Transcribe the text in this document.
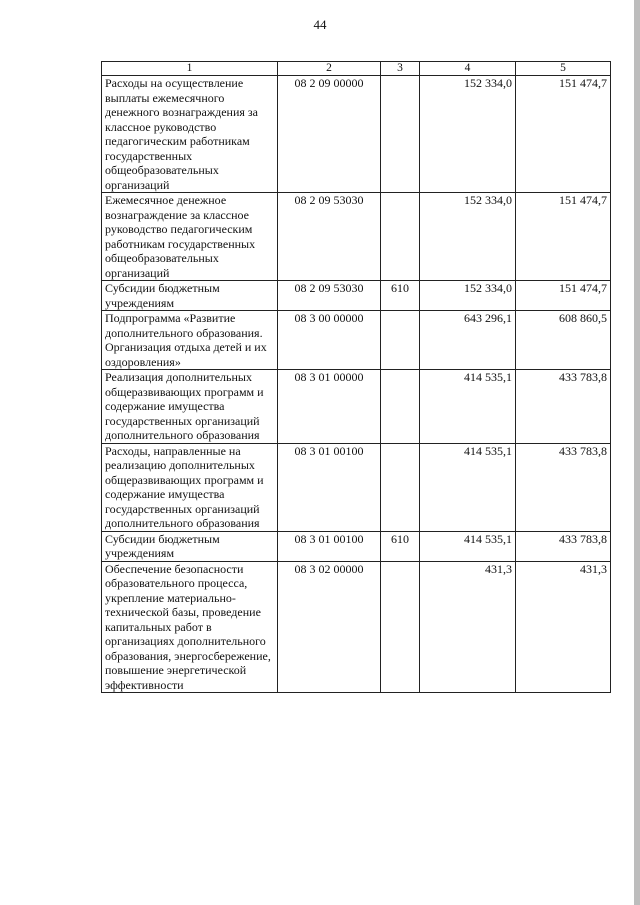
44
1	2	3	4	5
Расходы на осуществление выплаты ежемесячного денежного вознаграждения за классное руководство педагогическим работникам государственных общеобразовательных организаций	08 2 09 00000		152 334,0	151 474,7
Ежемесячное денежное вознаграждение за классное руководство педагогическим работникам государственных общеобразовательных организаций	08 2 09 53030		152 334,0	151 474,7
Субсидии бюджетным учреждениям	08 2 09 53030	610	152 334,0	151 474,7
Подпрограмма «Развитие дополнительного образования. Организация отдыха детей и их оздоровления»	08 3 00 00000		643 296,1	608 860,5
Реализация дополнительных общеразвивающих программ и содержание имущества государственных организаций дополнительного образования	08 3 01 00000		414 535,1	433 783,8
Расходы, направленные на реализацию дополнительных общеразвивающих программ и содержание имущества государственных организаций дополнительного образования	08 3 01 00100		414 535,1	433 783,8
Субсидии бюджетным учреждениям	08 3 01 00100	610	414 535,1	433 783,8
Обеспечение безопасности образовательного процесса, укрепление материально-технической базы, проведение капитальных работ в организациях дополнительного образования, энергосбережение, повышение энергетической эффективности	08 3 02 00000		431,3	431,3
